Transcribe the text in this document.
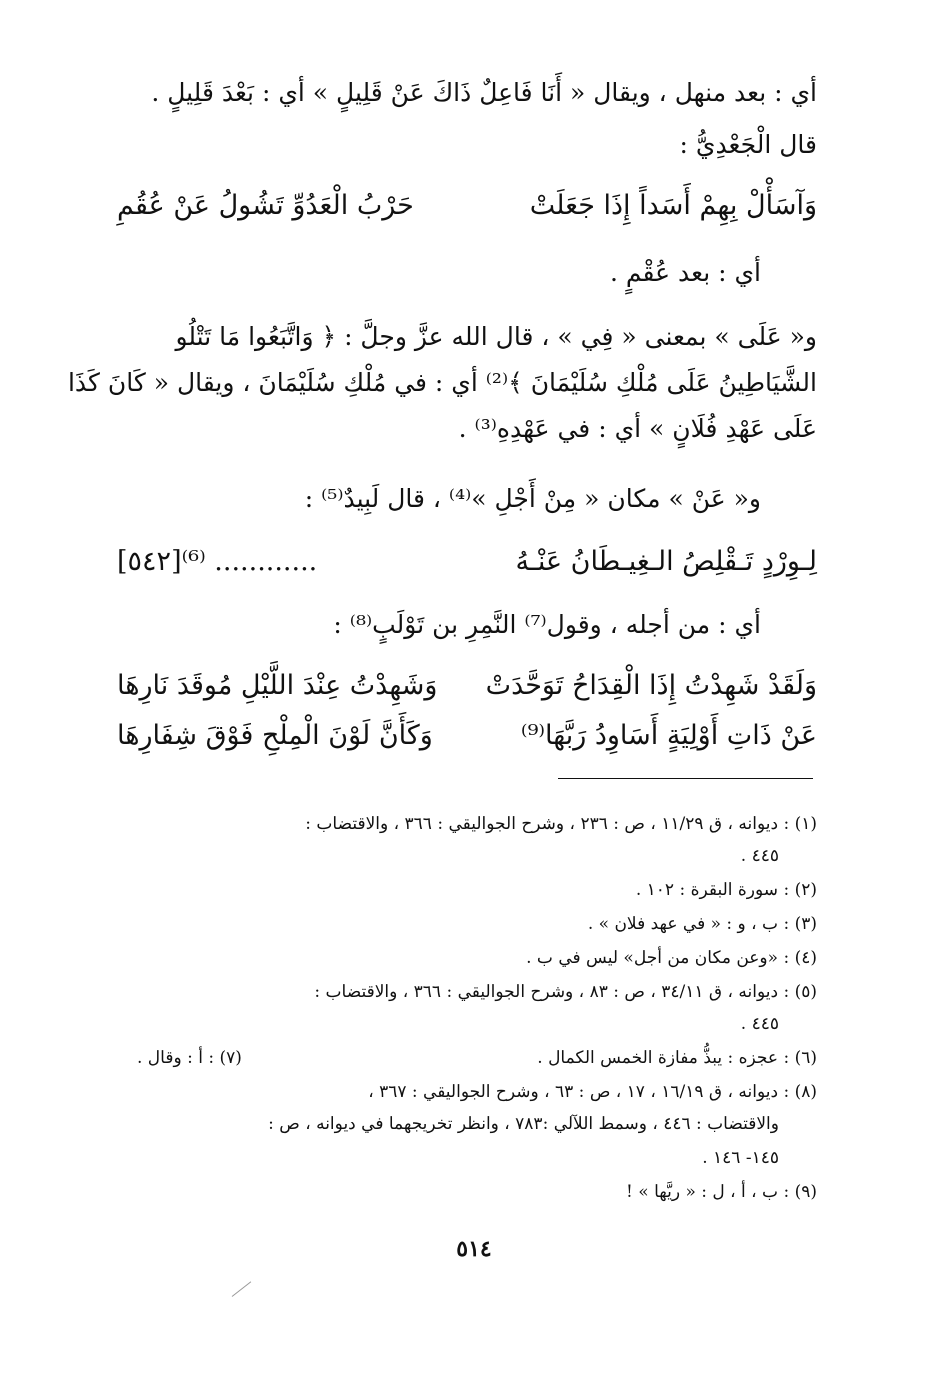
أي : بعد منهل ، ويقال « أَنَا فَاعِلٌ ذَاكَ عَنْ قَلِيلٍ » أي : بَعْدَ قَلِيلٍ .
قال الْجَعْدِيُّ :
وَآسَأْلْ بِهِمْ أَسَداً إِذَا جَعَلَتْ
حَرْبُ الْعَدُوِّ تَشُولُ عَنْ عُقُمِ
أي : بعد عُقْمٍ .
و« عَلَى » بمعنى « فِي » ، قال الله عزَّ وجلَّ : ﴿ وَاتَّبَعُوا مَا تَتْلُو
الشَّيَاطِينُ عَلَى مُلْكِ سُلَيْمَانَ ﴾⁽²⁾ أي : في مُلْكِ سُلَيْمَانَ ، ويقال « كَانَ كَذَا
عَلَى عَهْدِ فُلَانٍ » أي : في عَهْدِهِ⁽³⁾ .
و« عَنْ » مكان « مِنْ أَجْلِ »⁽⁴⁾ ، قال لَبِيدٌ⁽⁵⁾ :
لِـوِرْدٍ تَـقْلِصُ الـغِيـطَانُ عَنْـهُ
............ ⁽⁶⁾[٥٤٢]
أي : من أجله ، وقول⁽⁷⁾ النَّمِرِ بن تَوْلَبٍ⁽⁸⁾ :
وَلَقَدْ شَهِدْتُ إِذَا الْقِدَاحُ تَوَحَّدَتْ
وَشَهِدْتُ عِنْدَ اللَّيْلِ مُوقَدَ نَارِهَا
عَنْ ذَاتِ أَوْلِيَةٍ أَسَاوِدُ رَبَّهَا⁽⁹⁾
وَكَأَنَّ لَوْنَ الْمِلْحِ فَوْقَ شِفَارِهَا
(١) : ديوانه ، ق ١١/٢٩ ، ص : ٢٣٦ ، وشرح الجواليقي : ٣٦٦ ، والاقتضاب :
٤٤٥ .
(٢) : سورة البقرة : ١٠٢ .
(٣) : ب ، و : « في عهد فلان » .
(٤) : «وعن مكان من أجل» ليس في ب .
(٥) : ديوانه ، ق ٣٤/١١ ، ص : ٨٣ ، وشرح الجواليقي : ٣٦٦ ، والاقتضاب :
٤٤٥ .
(٦) : عجزه : يبذُّ مفازة الخمس الكمال .
(٧) : أ : وقال .
(٨) : ديوانه ، ق ١٦/١٩ ، ١٧ ، ص : ٦٣ ، وشرح الجواليقي : ٣٦٧ ،
والاقتضاب : ٤٤٦ ، وسمط اللآلي :٧٨٣ ، وانظر تخريجهما في ديوانه ، ص :
١٤٥- ١٤٦ .
(٩) : ب ، أ ، ل : « ريَّها » !
٥١٤
